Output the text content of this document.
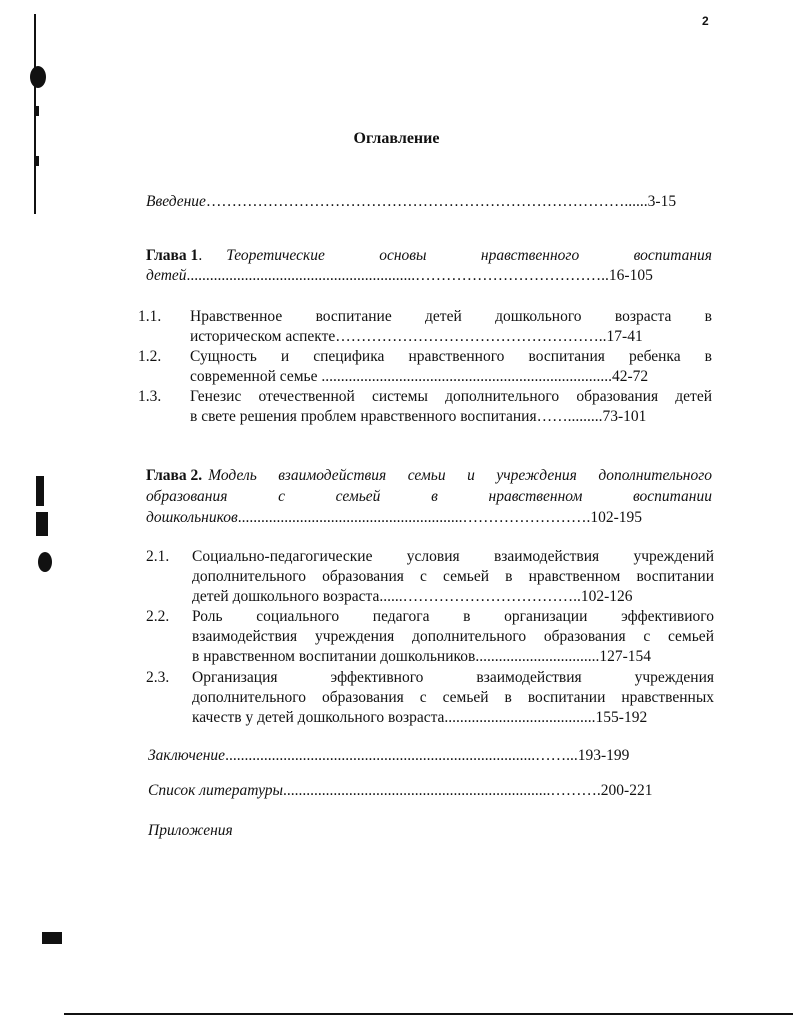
2
Оглавление
Введение………………………………………………………………………......3-15
Глава 1. Теоретические основы нравственного воспитания
детей...........................................................………………………………..16-105
1.1. Нравственное воспитание детей дошкольного возраста в
историческом аспекте……………………………………………..17-41
1.2. Сущность и специфика нравственного воспитания ребенка в
современной семье ...........................................................................42-72
1.3. Генезис отечественной системы дополнительного образования детей
в свете решения проблем нравственного воспитания…….........73-101
Глава 2. Модель взаимодействия семьи и учреждения дополнительного
образования с семьей в нравственном воспитании
дошкольников..........................................................…………………….102-195
2.1. Социально-педагогические условия взаимодействия учреждений
дополнительного образования с семьей в нравственном воспитании
детей дошкольного возраста......……………………………..102-126
2.2. Роль социального педагога в организации эффективиого
взаимодействия учреждения дополнительного образования с семьей
в нравственном воспитании дошкольников................................127-154
2.3. Организация эффективного взаимодействия учреждения
дополнительного образования с семьей в воспитании нравственных
качеств у детей дошкольного возраста.......................................155-192
Заключение................................................................................……...193-199
Список литературы.....................................................................……….200-221
Приложения
